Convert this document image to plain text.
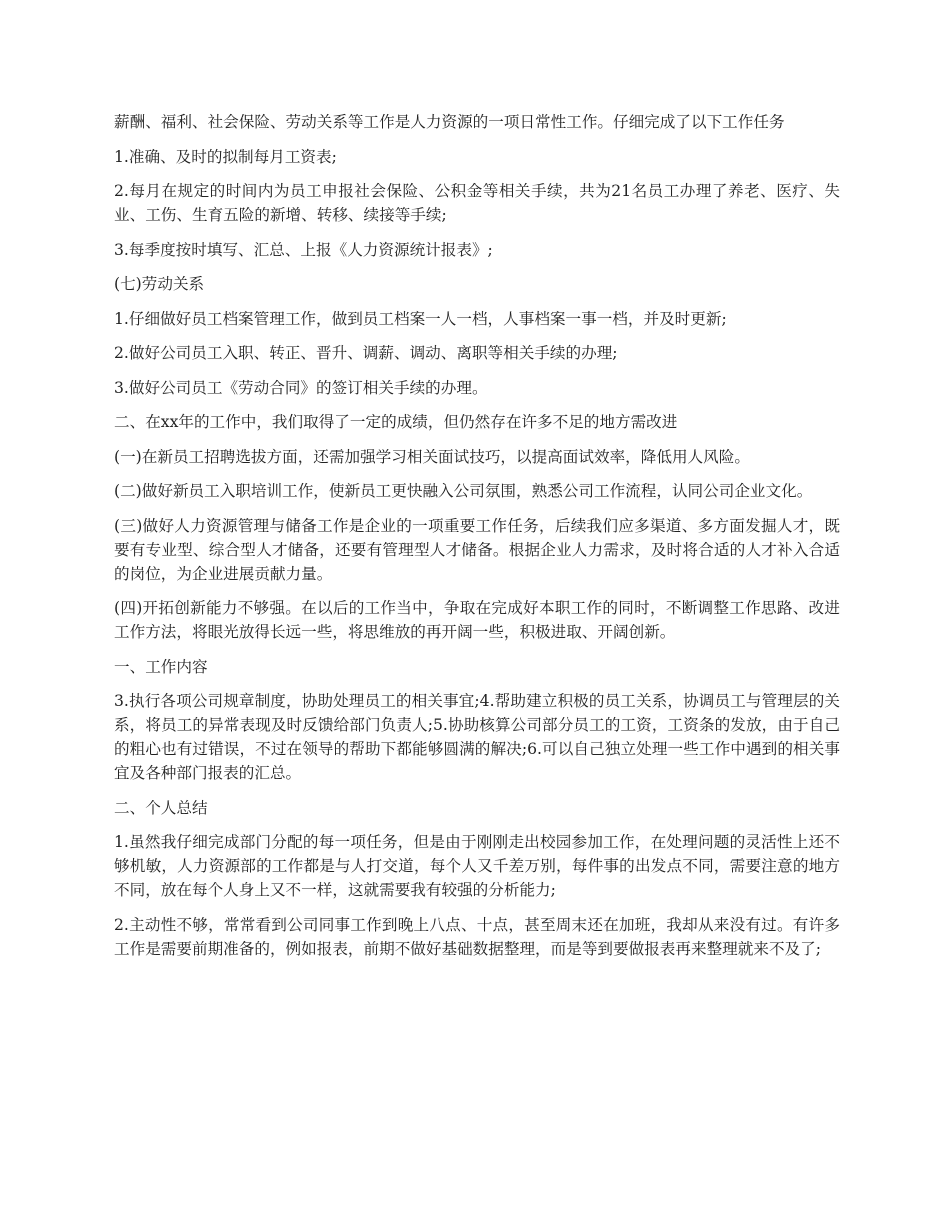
薪酬、福利、社会保险、劳动关系等工作是人力资源的一项日常性工作。仔细完成了以下工作任务

1.准确、及时的拟制每月工资表;

2.每月在规定的时间内为员工申报社会保险、公积金等相关手续，共为21名员工办理了养老、医疗、失业、工伤、生育五险的新增、转移、续接等手续;

3.每季度按时填写、汇总、上报《人力资源统计报表》;

(七)劳动关系

1.仔细做好员工档案管理工作，做到员工档案一人一档，人事档案一事一档，并及时更新;

2.做好公司员工入职、转正、晋升、调薪、调动、离职等相关手续的办理;

3.做好公司员工《劳动合同》的签订相关手续的办理。

二、在xx年的工作中，我们取得了一定的成绩，但仍然存在许多不足的地方需改进

(一)在新员工招聘选拔方面，还需加强学习相关面试技巧，以提高面试效率，降低用人风险。

(二)做好新员工入职培训工作，使新员工更快融入公司氛围，熟悉公司工作流程，认同公司企业文化。

(三)做好人力资源管理与储备工作是企业的一项重要工作任务，后续我们应多渠道、多方面发掘人才，既要有专业型、综合型人才储备，还要有管理型人才储备。根据企业人力需求，及时将合适的人才补入合适的岗位，为企业进展贡献力量。

(四)开拓创新能力不够强。在以后的工作当中，争取在完成好本职工作的同时，不断调整工作思路、改进工作方法，将眼光放得长远一些，将思维放的再开阔一些，积极进取、开阔创新。

一、工作内容

3.执行各项公司规章制度，协助处理员工的相关事宜;4.帮助建立积极的员工关系，协调员工与管理层的关系，将员工的异常表现及时反馈给部门负责人;5.协助核算公司部分员工的工资，工资条的发放，由于自己的粗心也有过错误，不过在领导的帮助下都能够圆满的解决;6.可以自己独立处理一些工作中遇到的相关事宜及各种部门报表的汇总。

二、个人总结

1.虽然我仔细完成部门分配的每一项任务，但是由于刚刚走出校园参加工作，在处理问题的灵活性上还不够机敏，人力资源部的工作都是与人打交道，每个人又千差万别，每件事的出发点不同，需要注意的地方不同，放在每个人身上又不一样，这就需要我有较强的分析能力;

2.主动性不够，常常看到公司同事工作到晚上八点、十点，甚至周末还在加班，我却从来没有过。有许多工作是需要前期准备的，例如报表，前期不做好基础数据整理，而是等到要做报表再来整理就来不及了;
